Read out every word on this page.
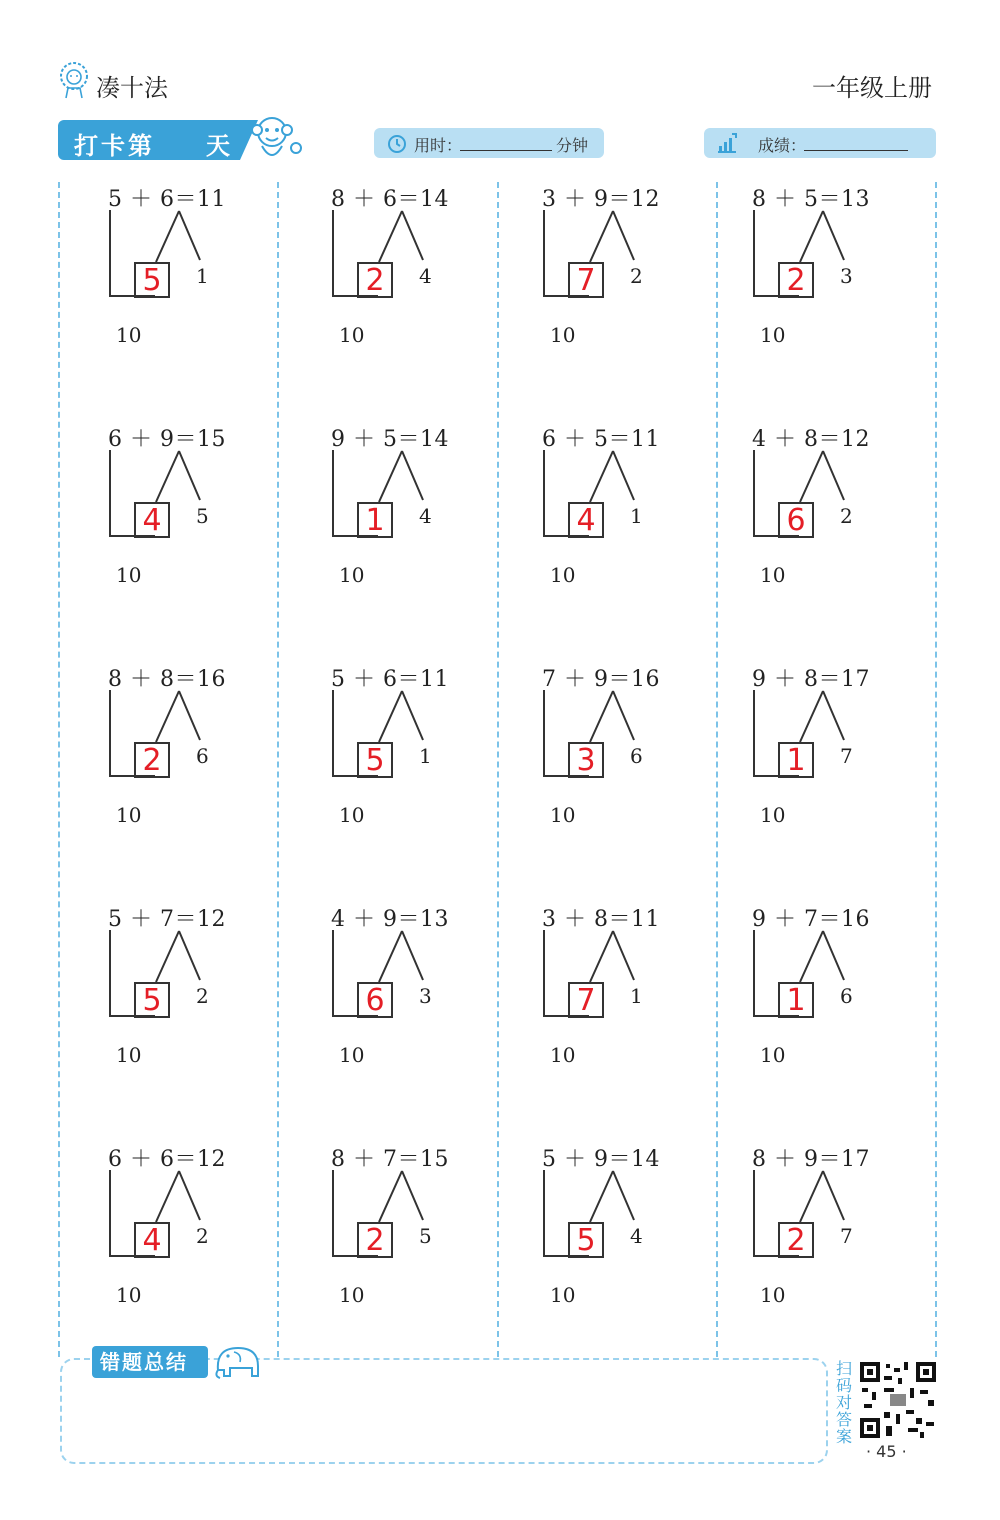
凑十法	一年级上册
打卡第 天	用时：	分钟	成绩：
5 ＋ 6＝11
5	1
10
8 ＋ 6＝14
2	4
10
3 ＋ 9＝12
7	2
10
8 ＋ 5＝13
2	3
10
6 ＋ 9＝15
4	5
10
9 ＋ 5＝14
1	4
10
6 ＋ 5＝11
4	1
10
4 ＋ 8＝12
6	2
10
8 ＋ 8＝16
2	6
10
5 ＋ 6＝11
5	1
10
7 ＋ 9＝16
3	6
10
9 ＋ 8＝17
1	7
10
5 ＋ 7＝12
5	2
10
4 ＋ 9＝13
6	3
10
3 ＋ 8＝11
7	1
10
9 ＋ 7＝16
1	6
10
6 ＋ 6＝12
4	2
10
8 ＋ 7＝15
2	5
10
5 ＋ 9＝14
5	4
10
8 ＋ 9＝17
2	7
10
错题总结	扫码对答案
· 45 ·
